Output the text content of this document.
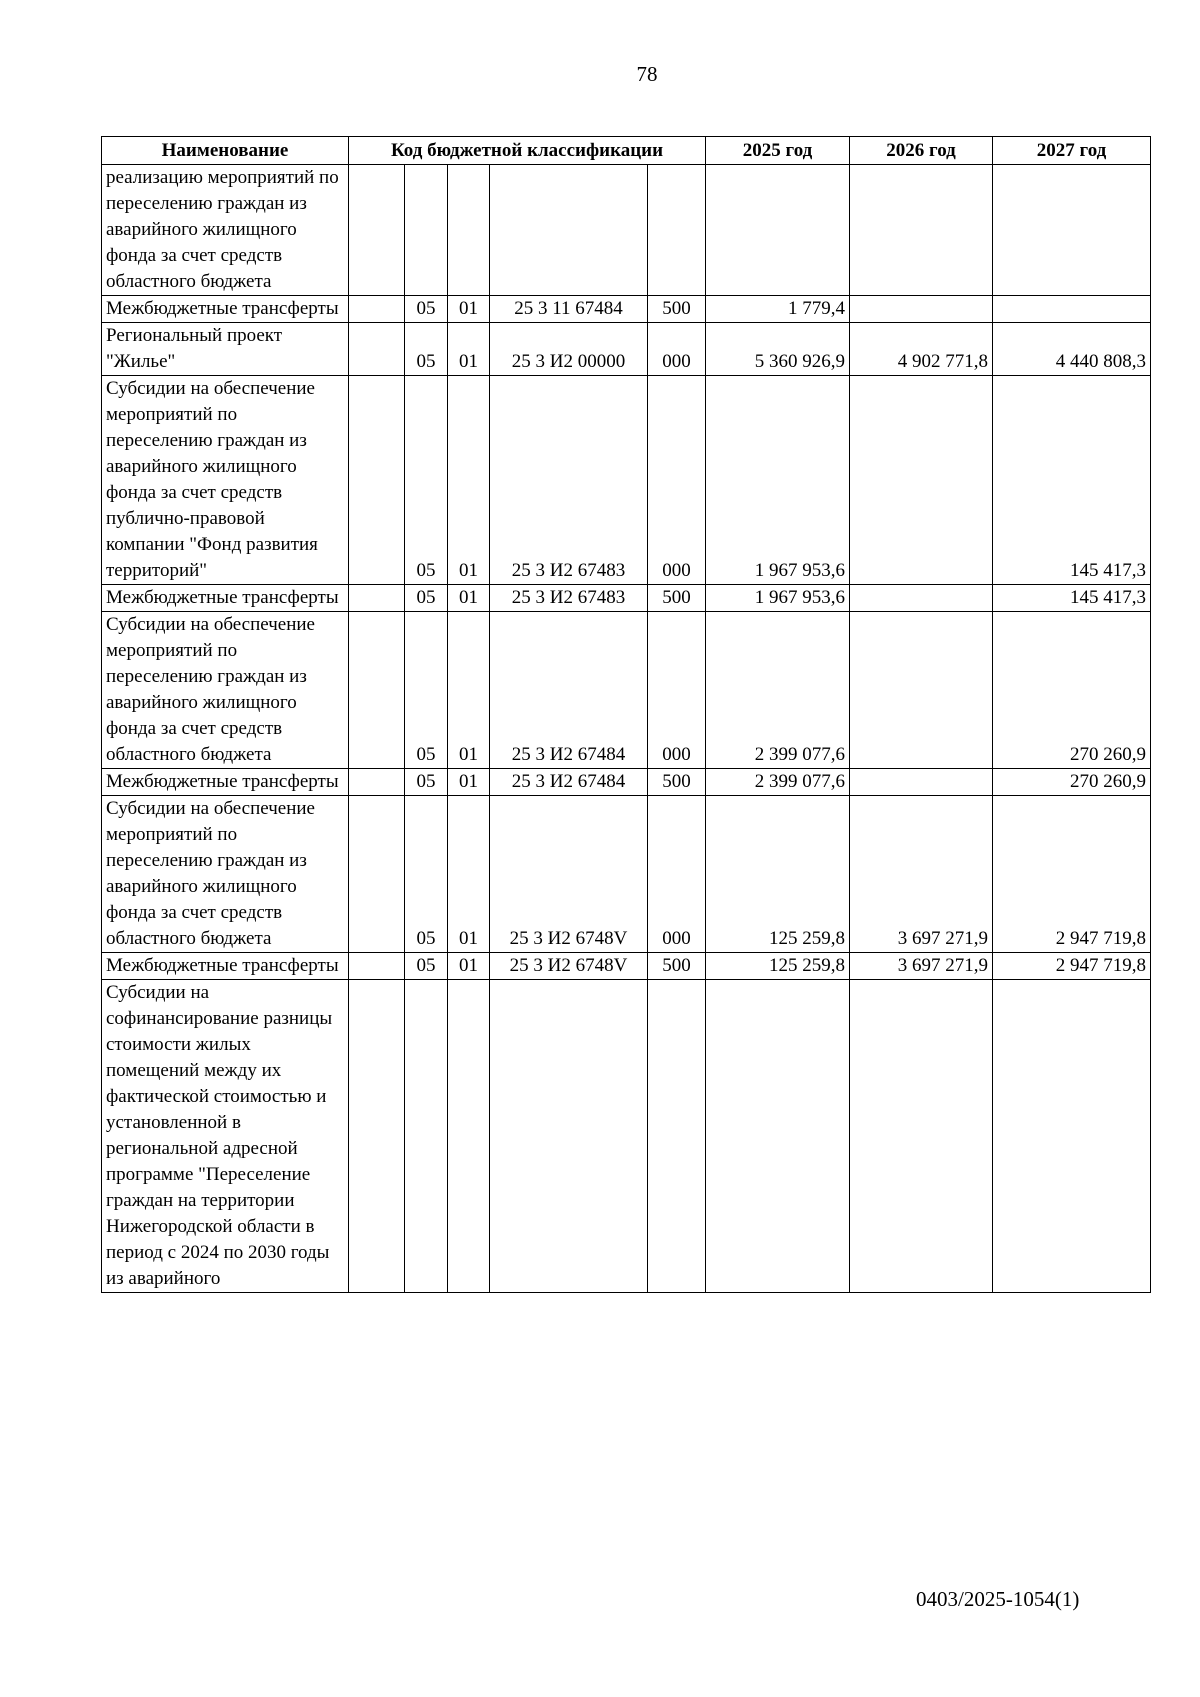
78
Наименование	Код бюджетной классификации					2025 год	2026 год	2027 год
реализацию мероприятий по переселению граждан из аварийного жилищного фонда за счет средств областного бюджета								
Межбюджетные трансферты		05	01	25 3 11 67484	500	1 779,4		
Региональный проект "Жилье"		05	01	25 3 И2 00000	000	5 360 926,9	4 902 771,8	4 440 808,3
Субсидии на обеспечение мероприятий по переселению граждан из аварийного жилищного фонда за счет средств публично-правовой компании "Фонд развития территорий"		05	01	25 3 И2 67483	000	1 967 953,6		145 417,3
Межбюджетные трансферты		05	01	25 3 И2 67483	500	1 967 953,6		145 417,3
Субсидии на обеспечение мероприятий по переселению граждан из аварийного жилищного фонда за счет средств областного бюджета		05	01	25 3 И2 67484	000	2 399 077,6		270 260,9
Межбюджетные трансферты		05	01	25 3 И2 67484	500	2 399 077,6		270 260,9
Субсидии на обеспечение мероприятий по переселению граждан из аварийного жилищного фонда за счет средств областного бюджета		05	01	25 3 И2 6748V	000	125 259,8	3 697 271,9	2 947 719,8
Межбюджетные трансферты		05	01	25 3 И2 6748V	500	125 259,8	3 697 271,9	2 947 719,8
Субсидии на софинансирование разницы стоимости жилых помещений между их фактической стоимостью и установленной в региональной адресной программе "Переселение граждан на территории Нижегородской области в период с 2024 по 2030 годы из аварийного								
0403/2025-1054(1)
